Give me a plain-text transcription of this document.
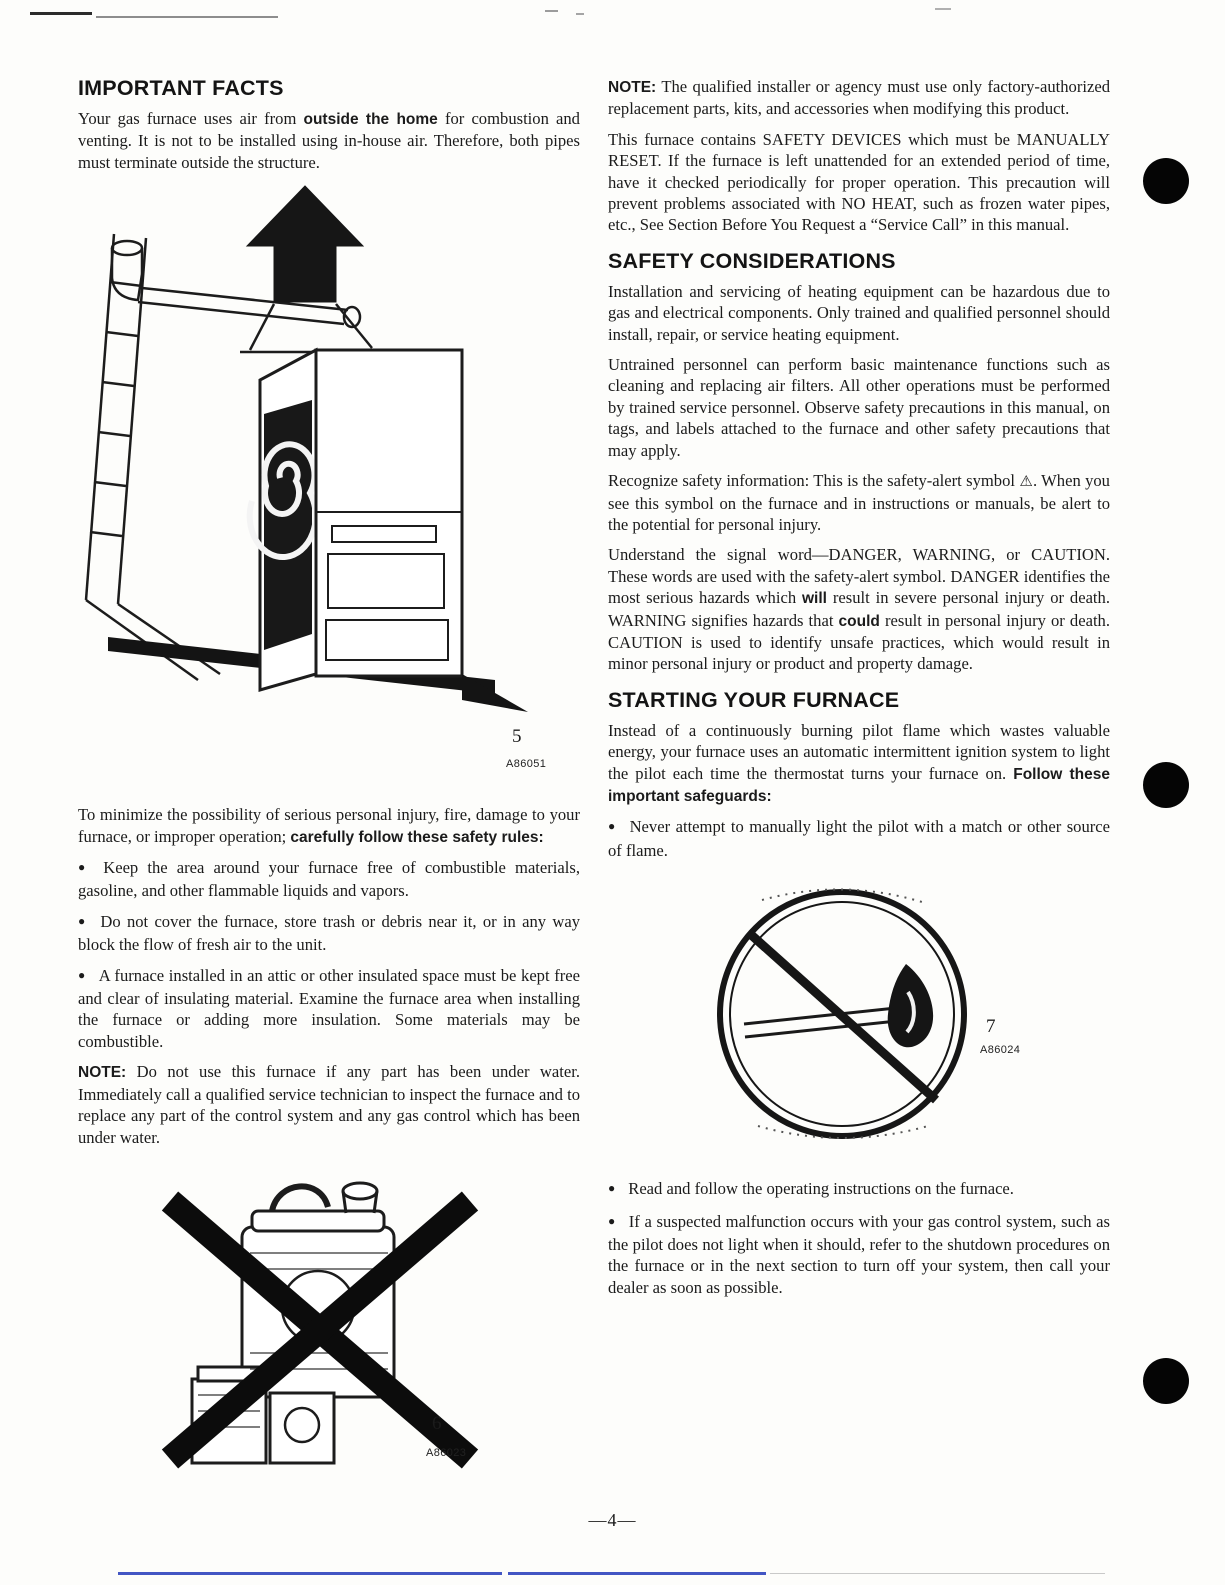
IMPORTANT FACTS

Your gas furnace uses air from outside the home for combustion and venting. It is not to be installed using in-house air. Therefore, both pipes must terminate outside the structure.

5
A86051

To minimize the possibility of serious personal injury, fire, damage to your furnace, or improper operation; carefully follow these safety rules:

● Keep the area around your furnace free of combustible materials, gasoline, and other flammable liquids and vapors.

● Do not cover the furnace, store trash or debris near it, or in any way block the flow of fresh air to the unit.

● A furnace installed in an attic or other insulated space must be kept free and clear of insulating material. Examine the furnace area when installing the furnace or adding more insulation. Some materials may be combustible.

NOTE: Do not use this furnace if any part has been under water. Immediately call a qualified service technician to inspect the furnace and to replace any part of the control system and any gas control which has been under water.

6
A86023

NOTE: The qualified installer or agency must use only factory-authorized replacement parts, kits, and accessories when modifying this product.

This furnace contains SAFETY DEVICES which must be MANUALLY RESET. If the furnace is left unattended for an extended period of time, have it checked periodically for proper operation. This precaution will prevent problems associated with NO HEAT, such as frozen water pipes, etc., See Section Before You Request a “Service Call” in this manual.

SAFETY CONSIDERATIONS

Installation and servicing of heating equipment can be hazardous due to gas and electrical components. Only trained and qualified personnel should install, repair, or service heating equipment.

Untrained personnel can perform basic maintenance functions such as cleaning and replacing air filters. All other operations must be performed by trained service personnel. Observe safety precautions in this manual, on tags, and labels attached to the furnace and other safety precautions that may apply.

Recognize safety information: This is the safety-alert symbol ⚠. When you see this symbol on the furnace and in instructions or manuals, be alert to the potential for personal injury.

Understand the signal word—DANGER, WARNING, or CAUTION. These words are used with the safety-alert symbol. DANGER identifies the most serious hazards which will result in severe personal injury or death. WARNING signifies hazards that could result in personal injury or death. CAUTION is used to identify unsafe practices, which would result in minor personal injury or product and property damage.

STARTING YOUR FURNACE

Instead of a continuously burning pilot flame which wastes valuable energy, your furnace uses an automatic intermittent ignition system to light the pilot each time the thermostat turns your furnace on. Follow these important safeguards:

● Never attempt to manually light the pilot with a match or other source of flame.

7
A86024

● Read and follow the operating instructions on the furnace.

● If a suspected malfunction occurs with your gas control system, such as the pilot does not light when it should, refer to the shutdown procedures on the furnace or in the next section to turn off your system, then call your dealer as soon as possible.

—4—
